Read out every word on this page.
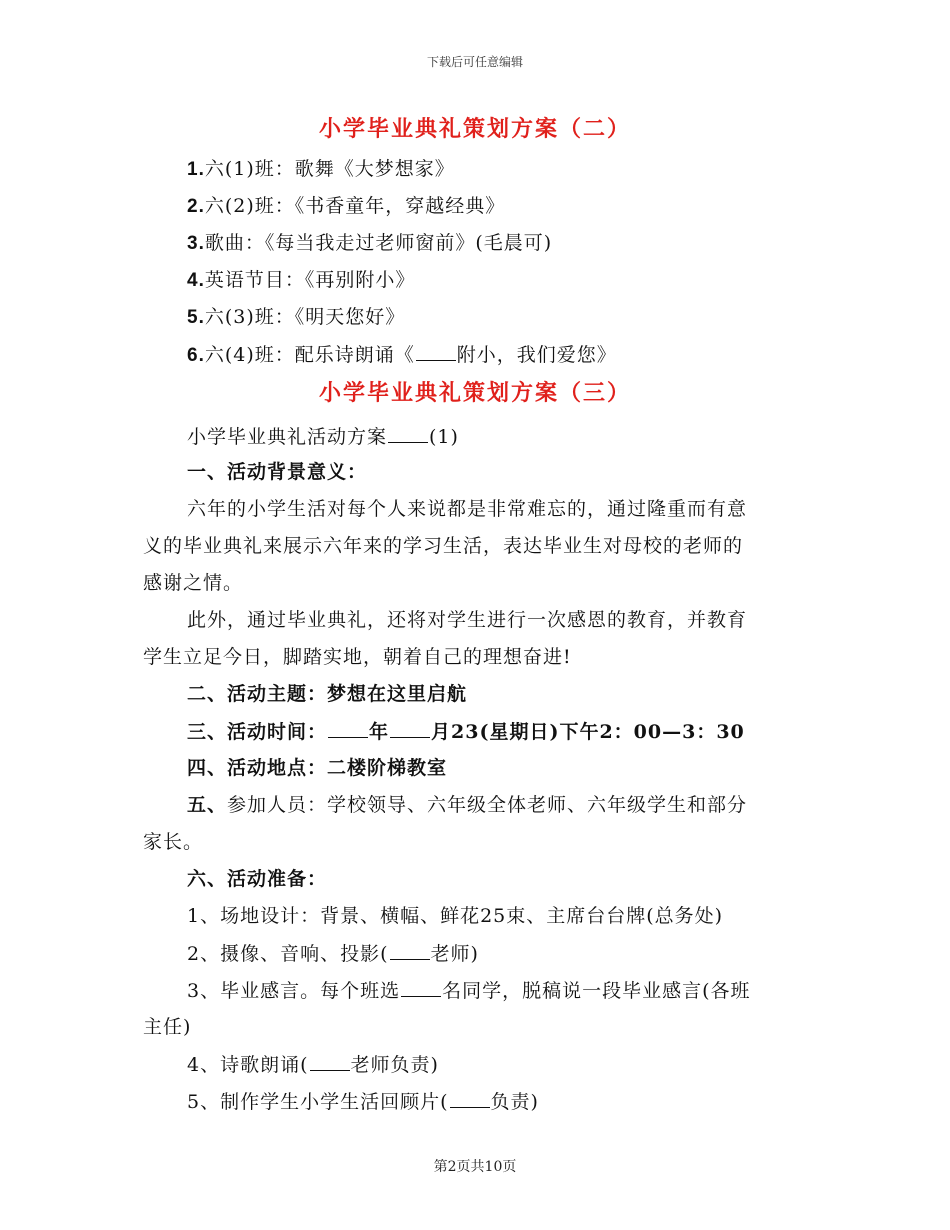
下载后可任意编辑
小学毕业典礼策划方案（二）
1.六(1)班：歌舞《大梦想家》
2.六(2)班：《书香童年，穿越经典》
3.歌曲：《每当我走过老师窗前》(毛晨可)
4.英语节目：《再别附小》
5.六(3)班：《明天您好》
6.六(4)班：配乐诗朗诵《 附小，我们爱您》
小学毕业典礼策划方案（三）
小学毕业典礼活动方案 (1)
一、活动背景意义：
六年的小学生活对每个人来说都是非常难忘的，通过隆重而有意
义的毕业典礼来展示六年来的学习生活，表达毕业生对母校的老师的
感谢之情。
此外，通过毕业典礼，还将对学生进行一次感恩的教育，并教育
学生立足今日，脚踏实地，朝着自己的理想奋进!
二、活动主题：梦想在这里启航
三、活动时间： 年 月23(星期日)下午2：00—3：30
四、活动地点：二楼阶梯教室
五、参加人员：学校领导、六年级全体老师、六年级学生和部分
家长。
六、活动准备：
1、场地设计：背景、横幅、鲜花25束、主席台台牌(总务处)
2、摄像、音响、投影( 老师)
3、毕业感言。每个班选 名同学，脱稿说一段毕业感言(各班
主任)
4、诗歌朗诵( 老师负责)
5、制作学生小学生活回顾片( 负责)
第2页共10页
